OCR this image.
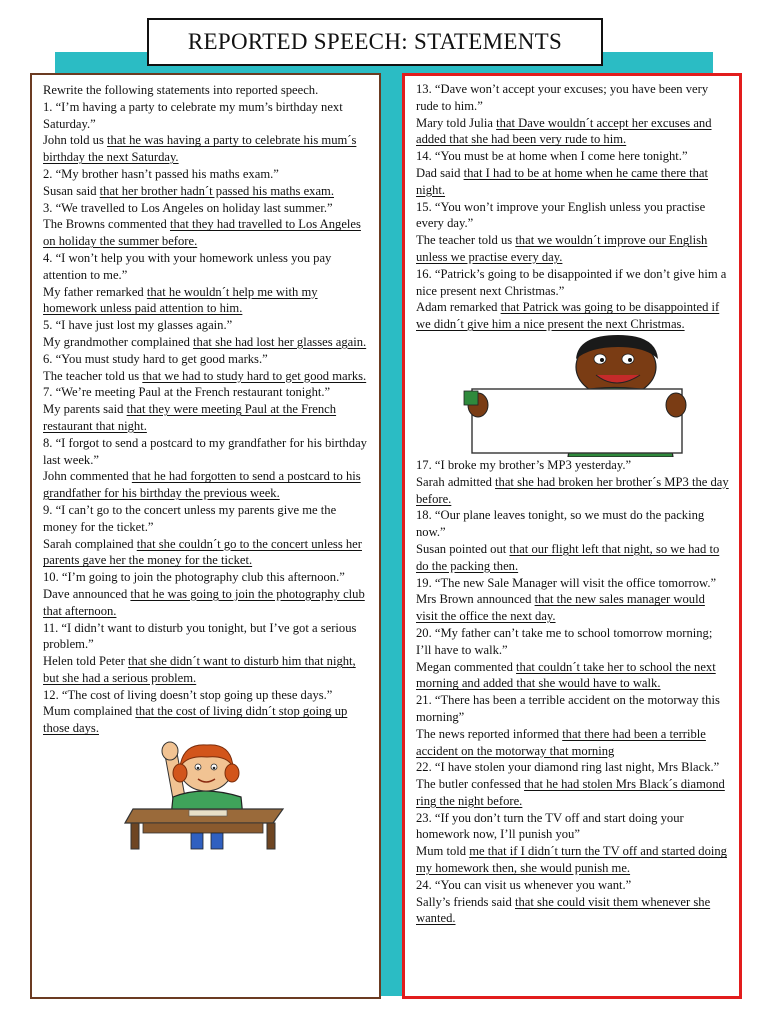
REPORTED SPEECH: STATEMENTS

Rewrite the following statements into reported speech.

1. “I’m having a party to celebrate my mum’s birthday next Saturday.”

John told us that he was having a party to celebrate his mum´s birthday the next Saturday.

2. “My brother hasn’t passed his maths exam.”

Susan said that her brother hadn´t passed his maths exam.

3. “We travelled to Los Angeles on holiday last summer.”

The Browns commented that they had travelled to Los Angeles on holiday the summer before.

4. “I won’t help you with your homework unless you pay attention to me.”

My father remarked that he wouldn´t help me with my homework unless paid attention to him.

5. “I have just lost my glasses again.”

My grandmother complained that she had lost her glasses again.

6. “You must study hard to get good marks.”

The teacher told us that we had to study hard to get good marks.

7. “We’re meeting Paul at the French restaurant tonight.”

My parents said that they were meeting Paul at the French restaurant that night.

8. “I forgot to send a postcard to my grandfather for his birthday last week.”

John commented that he had forgotten to send a postcard to his grandfather for his birthday the previous week.

9. “I can’t go to the concert unless my parents give me the money for the ticket.”

Sarah complained that she couldn´t go to the concert unless her parents gave her the money for the ticket.

10. “I’m going to join the photography club this afternoon.”

Dave announced that he was going to join the photography club that afternoon.

11. “I didn’t want to disturb you tonight, but I’ve got a serious problem.”

Helen told Peter that she didn´t want to disturb him that night, but she had a serious problem.

12. “The cost of living doesn’t stop going up these days.”

Mum complained that the cost of living didn´t stop going up those days.

13. “Dave won’t accept your excuses; you have been very rude to him.”

Mary told Julia that Dave wouldn´t accept her excuses and added that she had been very rude to him.

14. “You must be at home when I come here tonight.”

Dad said that I had to be at home when he came there that night.

15. “You won’t improve your English unless you practise every day.”

The teacher told us that we wouldn´t improve our English unless we practise every day.

16. “Patrick’s going to be disappointed if we don’t give him a nice present next Christmas.”

Adam remarked that Patrick was going to be disappointed if we didn´t give him a nice present the next Christmas.

17. “I broke my brother’s MP3 yesterday.”

Sarah admitted that she had broken her brother´s MP3 the day before.

18. “Our plane leaves tonight, so we must do the packing now.”

Susan pointed out that our flight left that night, so we had to do the packing then.

19. “The new Sale Manager will visit the office tomorrow.”

Mrs Brown announced that the new sales manager would visit the office the next day.

20. “My father can’t take me to school tomorrow morning; I’ll have to walk.”

Megan commented that couldn´t take her to school the next morning and added that she would have to walk.

21. “There has been a terrible accident on the motorway this morning”

The news reported informed that there had been a terrible accident on the motorway that morning

22. “I have stolen your diamond ring last night, Mrs Black.”

The butler confessed that he had stolen Mrs Black´s diamond ring the night before.

23. “If you don’t turn the TV off and start doing your homework now, I’ll punish you”

Mum told me that if I didn´t turn the TV off and started doing my homework then, she would punish me.

24. “You can visit us whenever you want.”

Sally’s friends said that she could visit them whenever she wanted.
